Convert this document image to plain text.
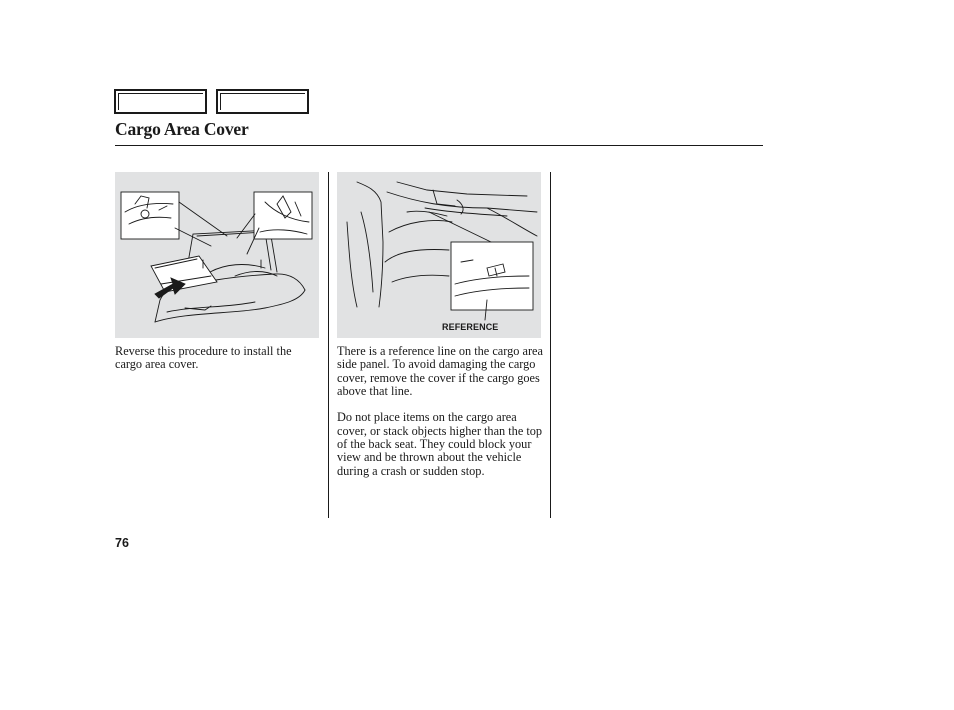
Cargo Area Cover
REFERENCE

Reverse this procedure to install the cargo area cover.

There is a reference line on the cargo area side panel. To avoid damaging the cargo cover, remove the cover if the cargo goes above that line.

Do not place items on the cargo area cover, or stack objects higher than the top of the back seat. They could block your view and be thrown about the vehicle during a crash or sudden stop.

76
